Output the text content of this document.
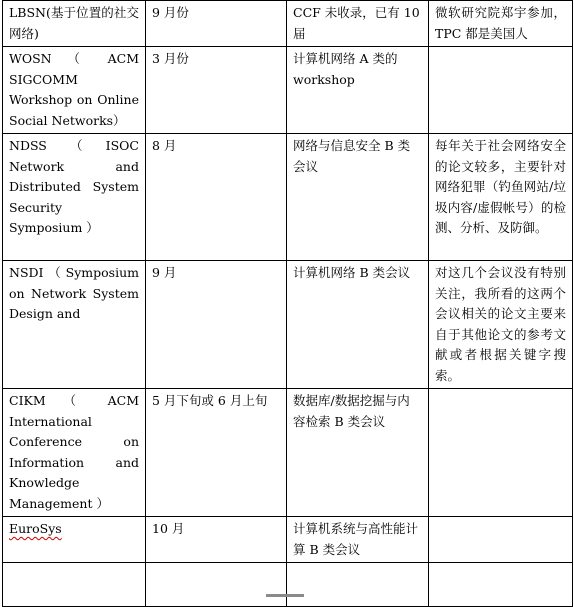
LBSN(基于位置的社交网络)	9 月份	CCF 未收录，已有 10 届	微软研究院郑宇参加，TPC 都是美国人
WOSN （ ACM SIGCOMM Workshop on Online Social Networks）	3 月份	计算机网络 A 类的 workshop	
NDSS（ISOC Network and Distributed System Security Symposium ）	8 月	网络与信息安全 B 类会议	每年关于社会网络安全的论文较多，主要针对网络犯罪（钓鱼网站/垃圾内容/虚假帐号）的检测、分析、及防御。
NSDI（Symposium on Network System Design and	9 月	计算机网络 B 类会议	对这几个会议没有特别关注，我所看的这两个会议相关的论文主要来自于其他论文的参考文献或者根据关键字搜索。
CIKM （ ACM International Conference on Information and Knowledge Management ）	5 月下旬或 6 月上旬	数据库/数据挖掘与内容检索 B 类会议	
EuroSys	10 月	计算机系统与高性能计算 B 类会议	
